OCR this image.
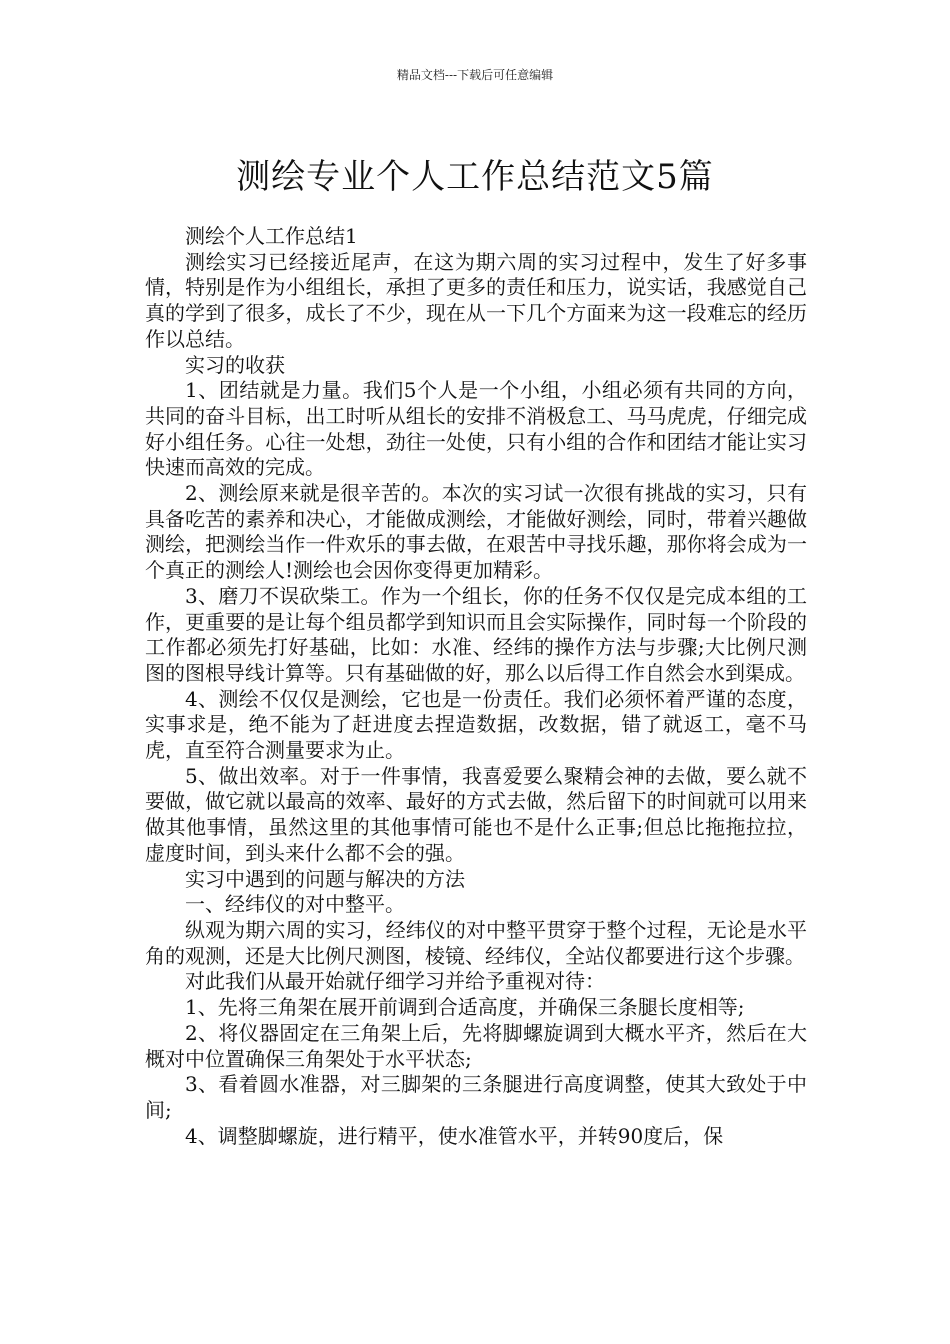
精品文档---下载后可任意编辑
测绘专业个人工作总结范文5篇

测绘个人工作总结1

测绘实习已经接近尾声，在这为期六周的实习过程中，发生了好多事情，特别是作为小组组长，承担了更多的责任和压力，说实话，我感觉自己真的学到了很多，成长了不少，现在从一下几个方面来为这一段难忘的经历作以总结。

实习的收获

1、团结就是力量。我们5个人是一个小组，小组必须有共同的方向，共同的奋斗目标，出工时听从组长的安排不消极怠工、马马虎虎，仔细完成好小组任务。心往一处想，劲往一处使，只有小组的合作和团结才能让实习快速而高效的完成。

2、测绘原来就是很辛苦的。本次的实习试一次很有挑战的实习，只有具备吃苦的素养和决心，才能做成测绘，才能做好测绘，同时，带着兴趣做测绘，把测绘当作一件欢乐的事去做，在艰苦中寻找乐趣，那你将会成为一个真正的测绘人!测绘也会因你变得更加精彩。

3、磨刀不误砍柴工。作为一个组长，你的任务不仅仅是完成本组的工作，更重要的是让每个组员都学到知识而且会实际操作，同时每一个阶段的工作都必须先打好基础，比如：水准、经纬的操作方法与步骤;大比例尺测图的图根导线计算等。只有基础做的好，那么以后得工作自然会水到渠成。

4、测绘不仅仅是测绘，它也是一份责任。我们必须怀着严谨的态度，实事求是，绝不能为了赶进度去捏造数据，改数据，错了就返工，毫不马虎，直至符合测量要求为止。

5、做出效率。对于一件事情，我喜爱要么聚精会神的去做，要么就不要做，做它就以最高的效率、最好的方式去做，然后留下的时间就可以用来做其他事情，虽然这里的其他事情可能也不是什么正事;但总比拖拖拉拉，虚度时间，到头来什么都不会的强。

实习中遇到的问题与解决的方法

一、经纬仪的对中整平。

纵观为期六周的实习，经纬仪的对中整平贯穿于整个过程，无论是水平角的观测，还是大比例尺测图，棱镜、经纬仪，全站仪都要进行这个步骤。

对此我们从最开始就仔细学习并给予重视对待：

1、先将三角架在展开前调到合适高度，并确保三条腿长度相等;

2、将仪器固定在三角架上后，先将脚螺旋调到大概水平齐，然后在大概对中位置确保三角架处于水平状态;

3、看着圆水准器，对三脚架的三条腿进行高度调整，使其大致处于中间;

4、调整脚螺旋，进行精平，使水准管水平，并转90度后，保
